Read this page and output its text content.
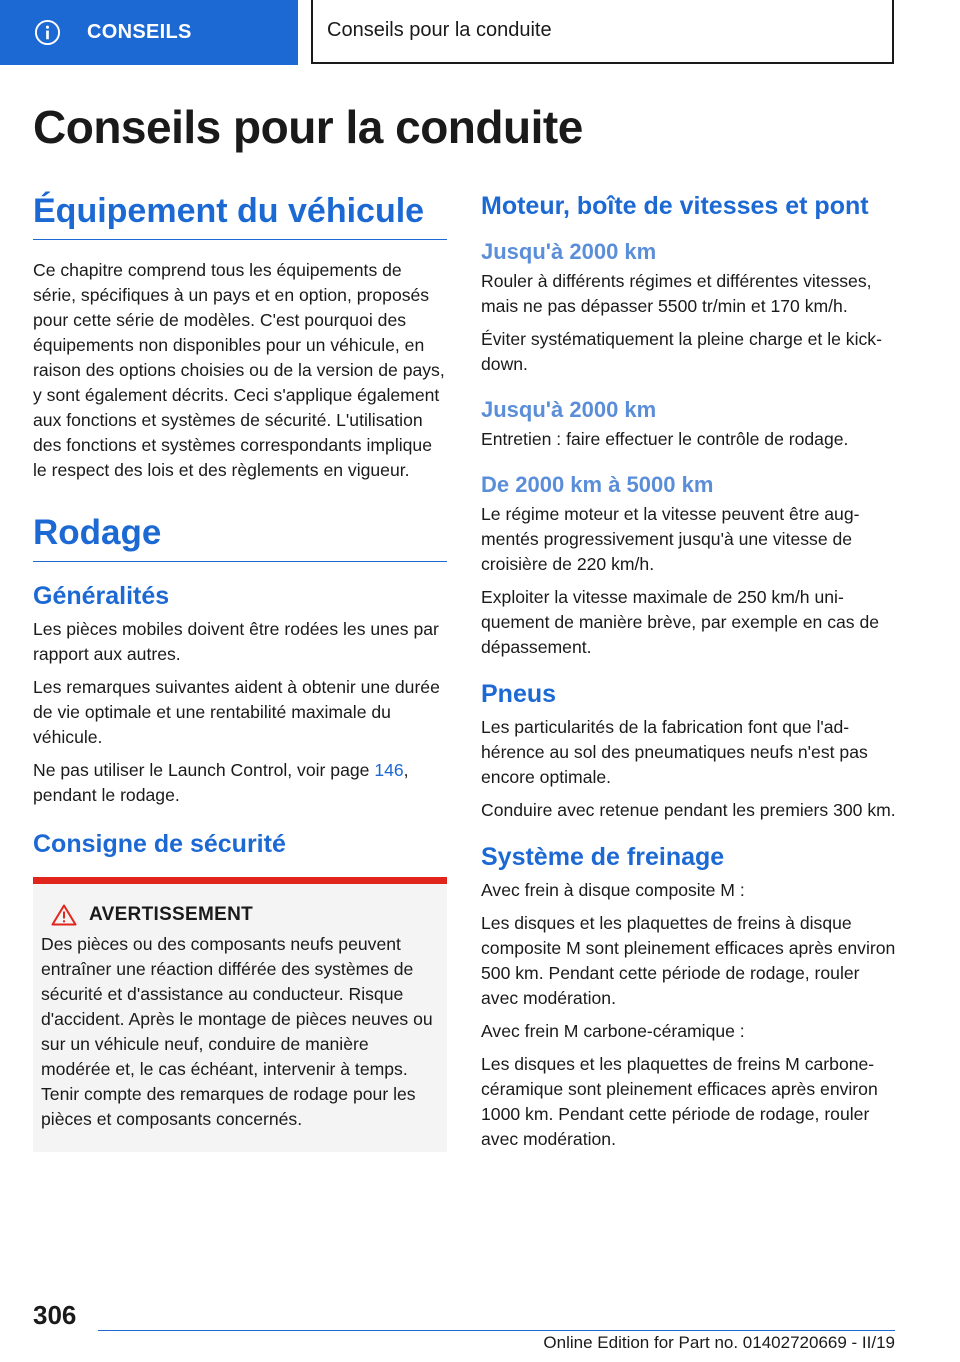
CONSEILS	Conseils pour la conduite
Conseils pour la conduite
Équipement du véhicule

Ce chapitre comprend tous les équipements de série, spécifiques à un pays et en option, proposés pour cette série de modèles. C'est pourquoi des équipements non disponibles pour un véhicule, en raison des options choisies ou de la version de pays, y sont également décrits. Ceci s'applique également aux fonctions et systèmes de sécurité. L'utilisation des fonctions et systèmes correspondants implique le respect des lois et des règlements en vigueur.

Rodage
Généralités

Les pièces mobiles doivent être rodées les unes par rapport aux autres.

Les remarques suivantes aident à obtenir une durée de vie optimale et une rentabilité maximale du véhicule.

Ne pas utiliser le Launch Control, voir page 146, pendant le rodage.

Consigne de sécurité
AVERTISSEMENT

Des pièces ou des composants neufs peuvent entraîner une réaction différée des systèmes de sécurité et d'assistance au conducteur. Risque d'accident. Après le montage de pièces neuves ou sur un véhicule neuf, conduire de manière modérée et, le cas échéant, intervenir à temps. Tenir compte des remarques de rodage pour les pièces et composants concernés.

Moteur, boîte de vitesses et pont
Jusqu'à 2000 km

Rouler à différents régimes et différentes vitesses, mais ne pas dépasser 5500 tr/min et 170 km/h.

Éviter systématiquement la pleine charge et le kick-down.

Jusqu'à 2000 km

Entretien : faire effectuer le contrôle de rodage.

De 2000 km à 5000 km

Le régime moteur et la vitesse peuvent être augmentés progressivement jusqu'à une vitesse de croisière de 220 km/h.

Exploiter la vitesse maximale de 250 km/h uniquement de manière brève, par exemple en cas de dépassement.

Pneus

Les particularités de la fabrication font que l'adhérence au sol des pneumatiques neufs n'est pas encore optimale.

Conduire avec retenue pendant les premiers 300 km.

Système de freinage

Avec frein à disque composite M :

Les disques et les plaquettes de freins à disque composite M sont pleinement efficaces après environ 500 km. Pendant cette période de rodage, rouler avec modération.

Avec frein M carbone-céramique :

Les disques et les plaquettes de freins M carbone-céramique sont pleinement efficaces après environ 1000 km. Pendant cette période de rodage, rouler avec modération.

306
Online Edition for Part no. 01402720669 - II/19
